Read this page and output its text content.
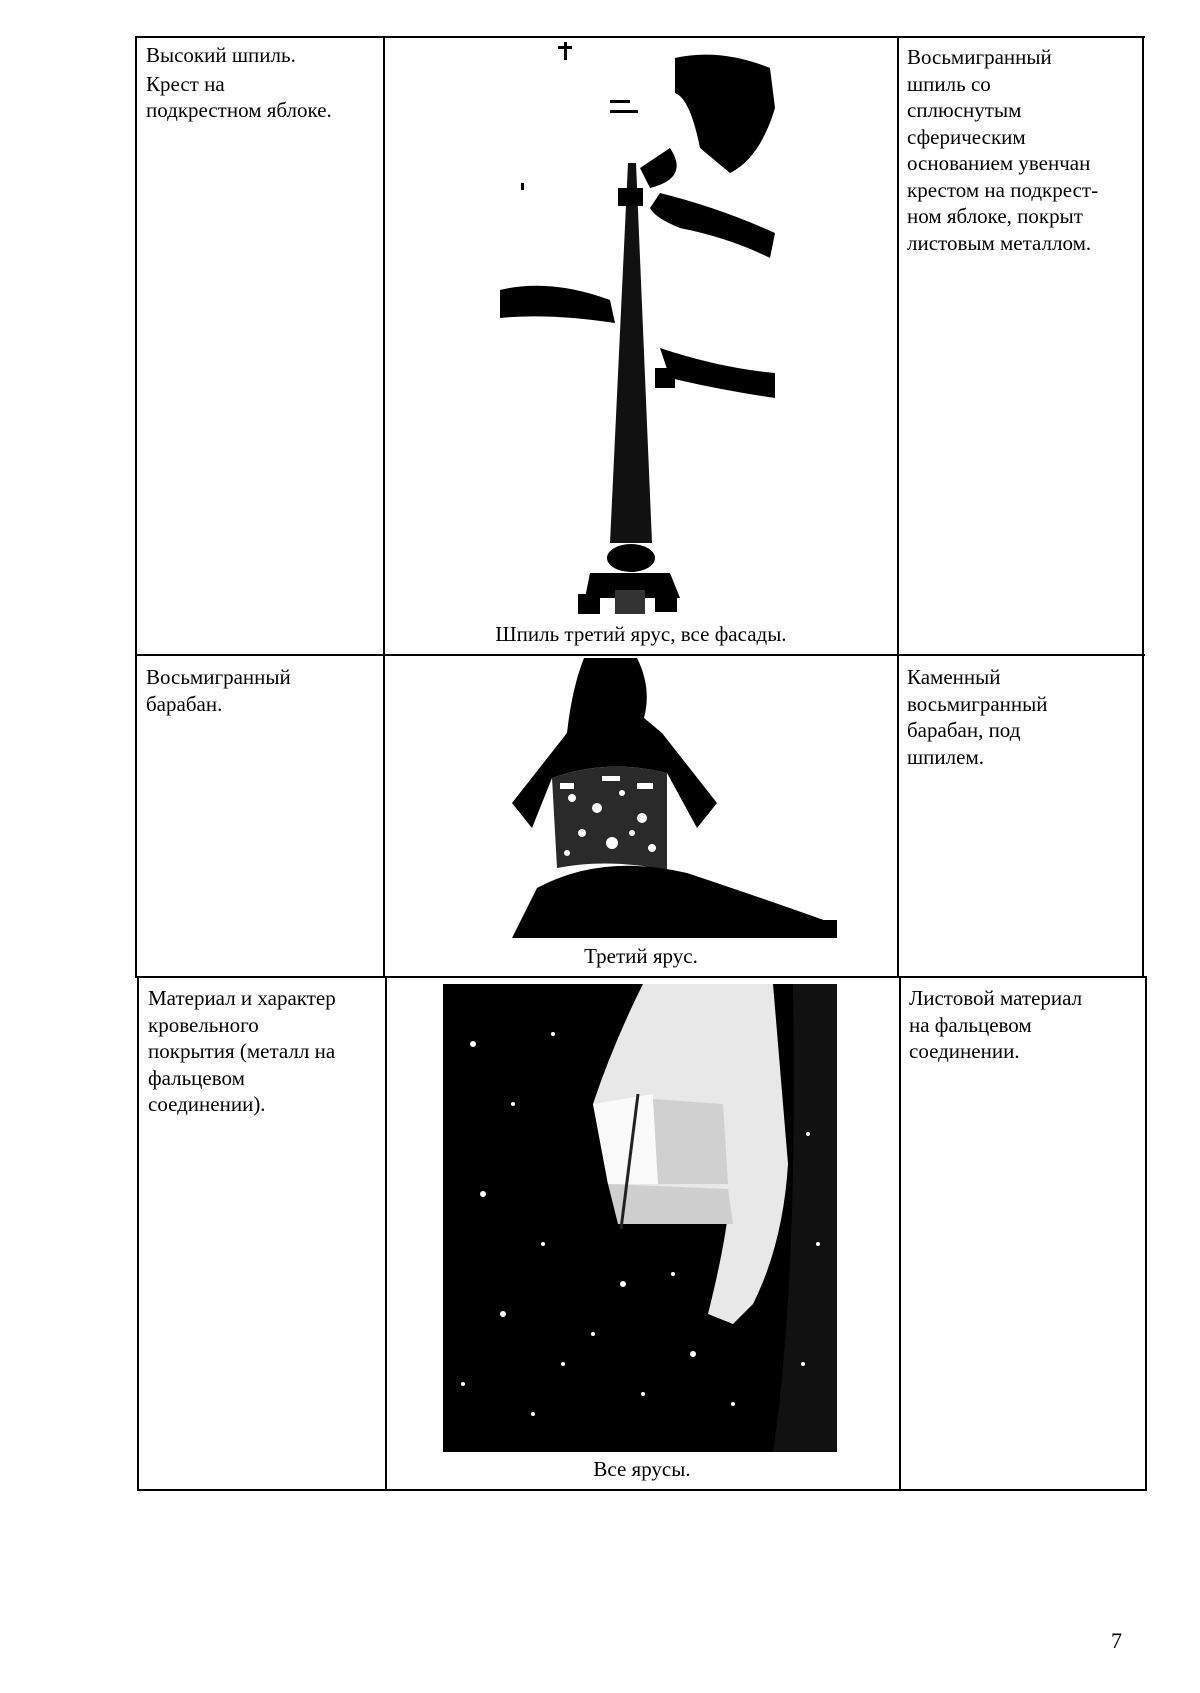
Высокий шпиль.
Крест на
подкрестном яблоке.
Шпиль третий ярус, все фасады.
Восьмигранный
шпиль со
сплюснутым
сферическим
основанием увенчан
крестом на подкрест-
ном яблоке, покрыт
листовым металлом.
Восьмигранный
барабан.
Третий ярус.
Каменный
восьмигранный
барабан, под
шпилем.
Материал и характер
кровельного
покрытия (металл на
фальцевом
соединении).
Все ярусы.
Листовой материал
на фальцевом
соединении.
7
